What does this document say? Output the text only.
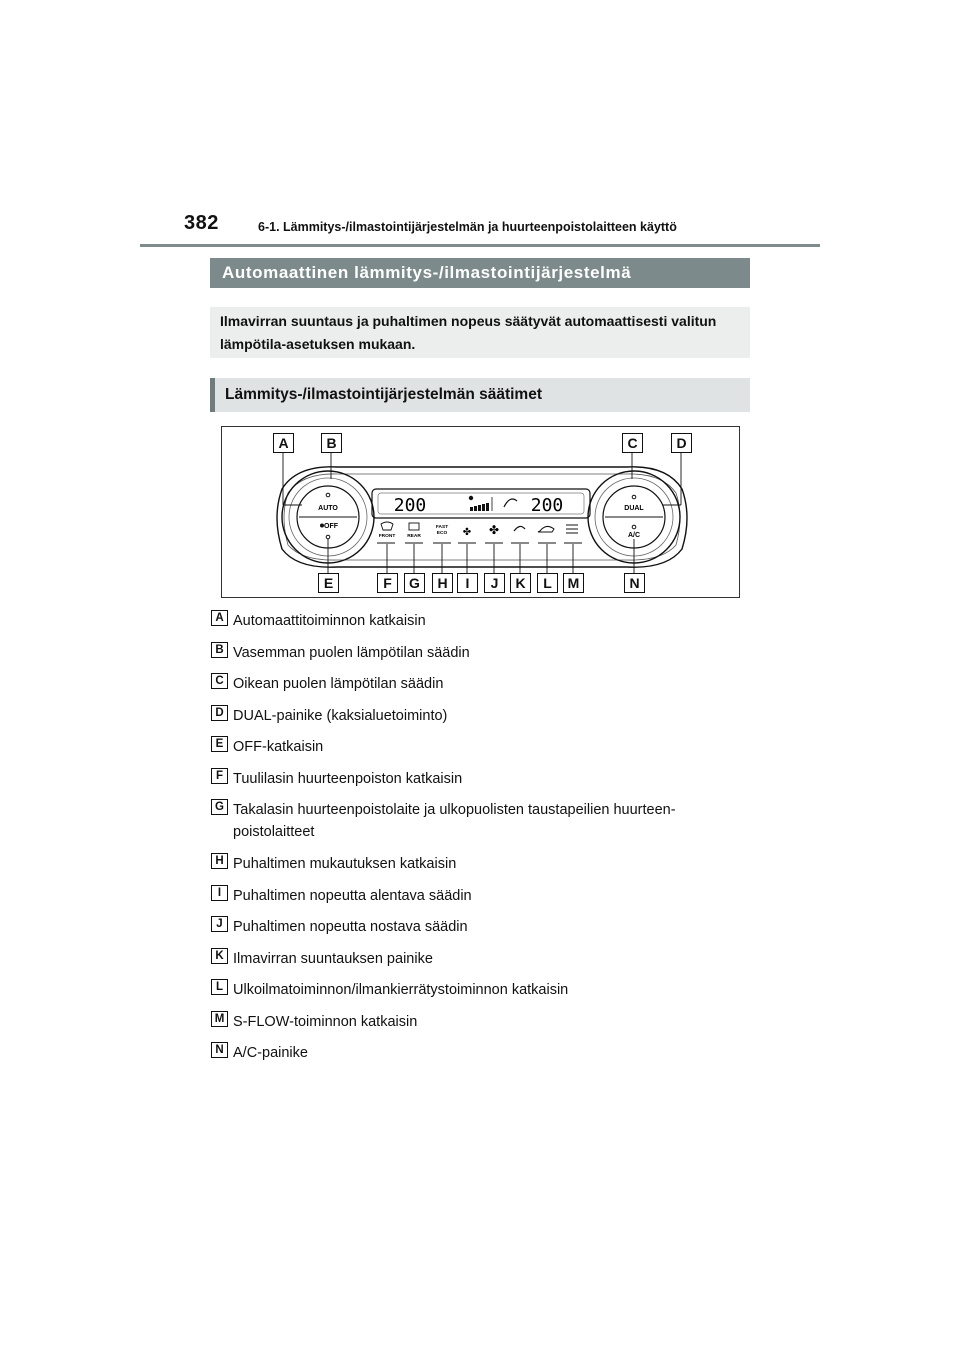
382	6-1. Lämmitys-/ilmastointijärjestelmän ja huurteenpoistolaitteen käyttö
Automaattinen lämmitys-/ilmastointijärjestelmä
Ilmavirran suuntaus ja puhaltimen nopeus säätyvät automaattisesti valitun lämpötila-asetuksen mukaan.
Lämmitys-/ilmastointijärjestelmän säätimet
AUTO
OFF
DUAL
A/C
200	200
FRONT REAR
FAST
ECO ✤ ✤
A	B	C	D
E	F	G	H	I	J	K	L	M	N
A Automaattitoiminnon katkaisin
B Vasemman puolen lämpötilan säädin
C Oikean puolen lämpötilan säädin
D DUAL-painike (kaksialuetoiminto)
E OFF-katkaisin
F Tuulilasin huurteenpoiston katkaisin
G Takalasin huurteenpoistolaite ja ulkopuolisten taustapeilien huurteen-poistolaitteet
H Puhaltimen mukautuksen katkaisin
I Puhaltimen nopeutta alentava säädin
J Puhaltimen nopeutta nostava säädin
K Ilmavirran suuntauksen painike
L Ulkoilmatoiminnon/ilmankierrätystoiminnon katkaisin
M S-FLOW-toiminnon katkaisin
N A/C-painike
